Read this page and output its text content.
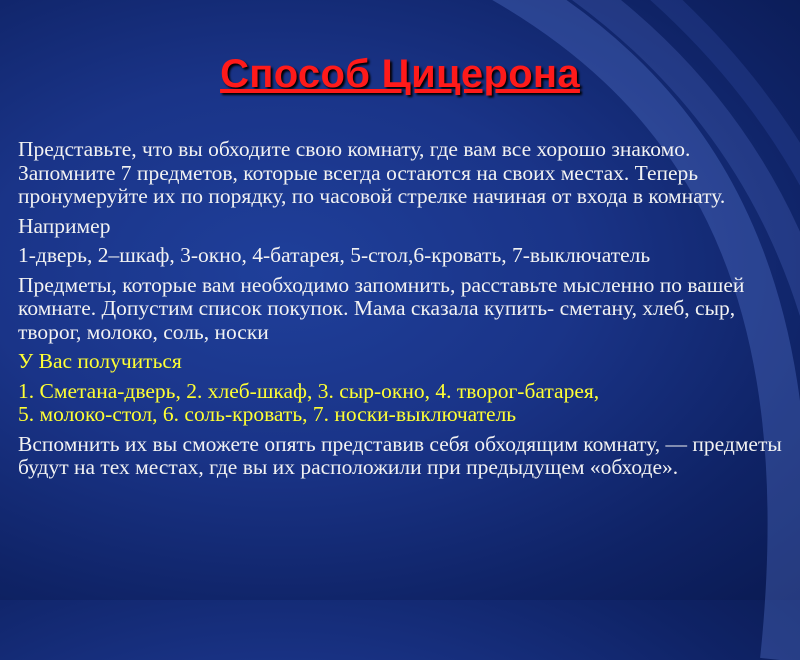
Способ Цицерона

Представьте, что вы обходите свою комнату, где вам все хорошо знакомо. Запомните 7 предметов, которые всегда остаются на своих местах. Теперь пронумеруйте их по порядку, по часовой стрелке начиная от входа в комнату.

Например

1-дверь, 2–шкаф, 3-окно, 4-батарея, 5-стол,6-кровать, 7-выключатель

Предметы, которые вам необходимо запомнить, расставьте мысленно по вашей комнате. Допустим список покупок. Мама сказала купить- сметану, хлеб, сыр, творог, молоко, соль, носки

У Вас получиться

1. Сметана-дверь, 2. хлеб-шкаф, 3. сыр-окно, 4. творог-батарея,

5. молоко-стол, 6. соль-кровать, 7. носки-выключатель

Вспомнить их вы сможете опять представив себя обходящим комнату, — предметы будут на тех местах, где вы их расположили при предыдущем «обходе».
